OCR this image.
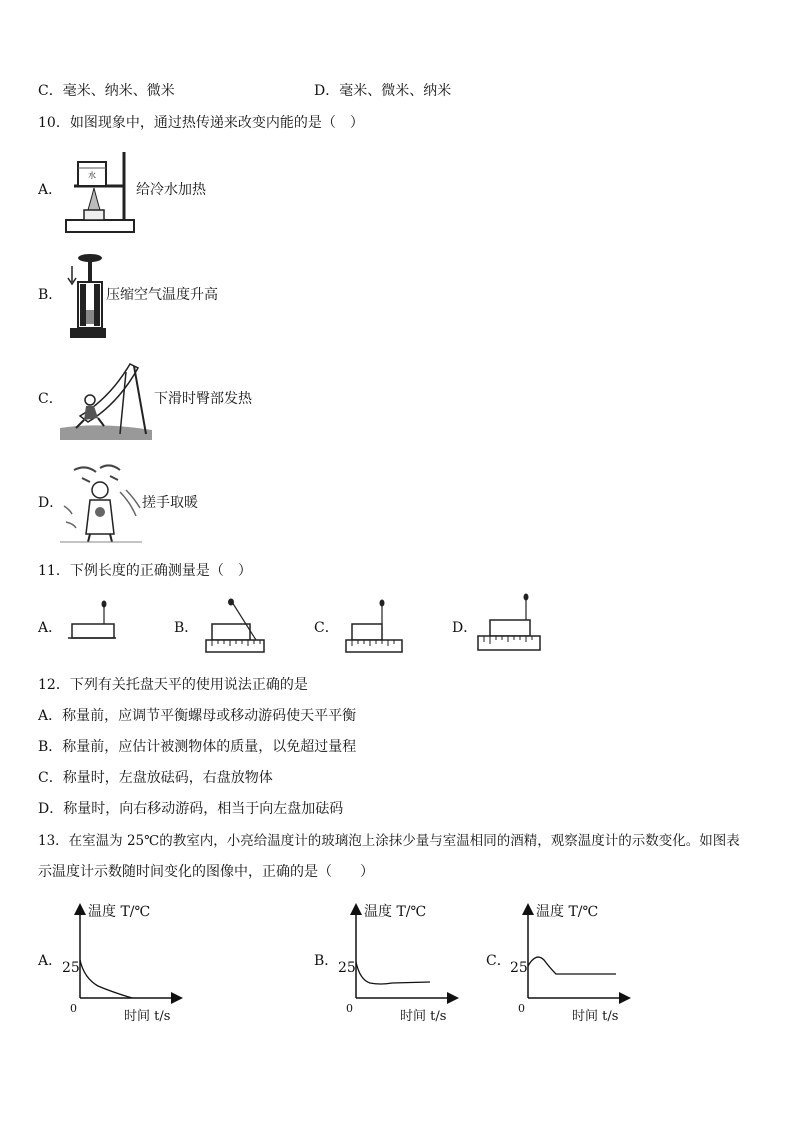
C．毫米、纳米、微米	D．毫米、微米、纳米
10．如图现象中，通过热传递来改变内能的是（　）
A．
水
给冷水加热
B．	压缩空气温度升高
C．	下滑时臀部发热
D．	搓手取暖
11．下例长度的正确测量是（　）
A．	B．	C．	D．
12．下列有关托盘天平的使用说法正确的是
A．称量前，应调节平衡螺母或移动游码使天平平衡
B．称量前，应估计被测物体的质量，以免超过量程
C．称量时，左盘放砝码，右盘放物体
D．称量时，向右移动游码，相当于向左盘加砝码
13．在室温为 25℃的教室内，小亮给温度计的玻璃泡上涂抹少量与室温相同的酒精，观察温度计的示数变化。如图表
示温度计示数随时间变化的图像中，正确的是（　　）
A．
温度 T/℃
25
0
时间 t/s
B．
温度 T/℃
25
0
时间 t/s
C．
温度 T/℃
25
0
时间 t/s
